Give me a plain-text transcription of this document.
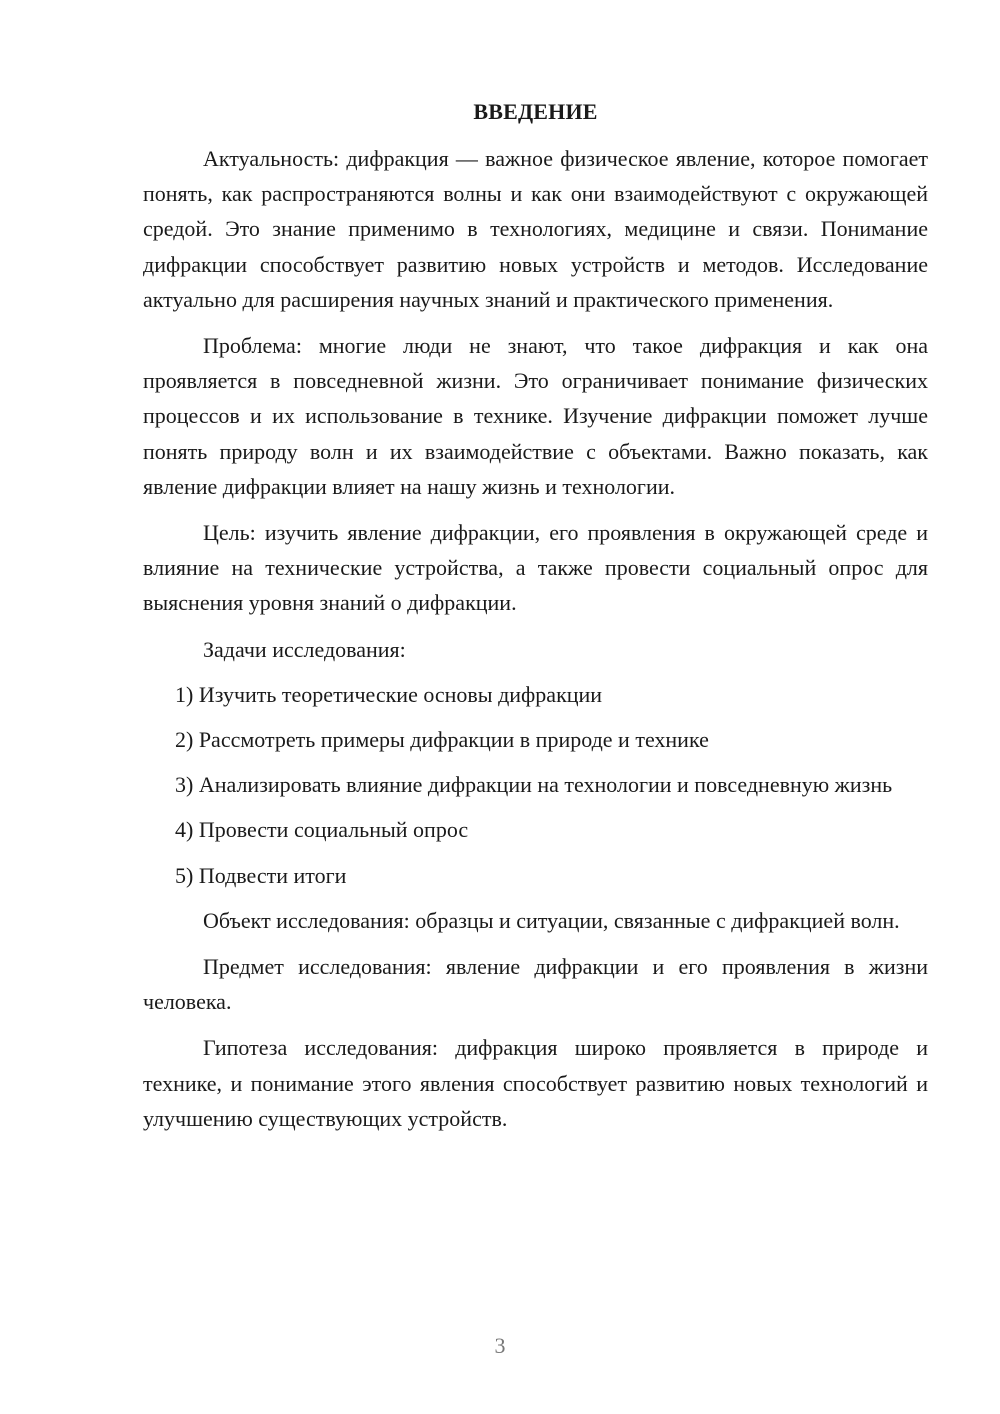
ВВЕДЕНИЕ

Актуальность: дифракция — важное физическое явление, которое помогает понять, как распространяются волны и как они взаимодействуют с окружающей средой. Это знание применимо в технологиях, медицине и связи. Понимание дифракции способствует развитию новых устройств и методов. Исследование актуально для расширения научных знаний и практического применения.

Проблема: многие люди не знают, что такое дифракция и как она проявляется в повседневной жизни. Это ограничивает понимание физических процессов и их использование в технике. Изучение дифракции поможет лучше понять природу волн и их взаимодействие с объектами. Важно показать, как явление дифракции влияет на нашу жизнь и технологии.

Цель: изучить явление дифракции, его проявления в окружающей среде и влияние на технические устройства, а также провести социальный опрос для выяснения уровня знаний о дифракции.

Задачи исследования:

1) Изучить теоретические основы дифракции

2) Рассмотреть примеры дифракции в природе и технике

3) Анализировать влияние дифракции на технологии и повседневную жизнь

4) Провести социальный опрос

5) Подвести итоги

Объект исследования: образцы и ситуации, связанные с дифракцией волн.

Предмет исследования: явление дифракции и его проявления в жизни человека.

Гипотеза исследования: дифракция широко проявляется в природе и технике, и понимание этого явления способствует развитию новых технологий и улучшению существующих устройств.

3
